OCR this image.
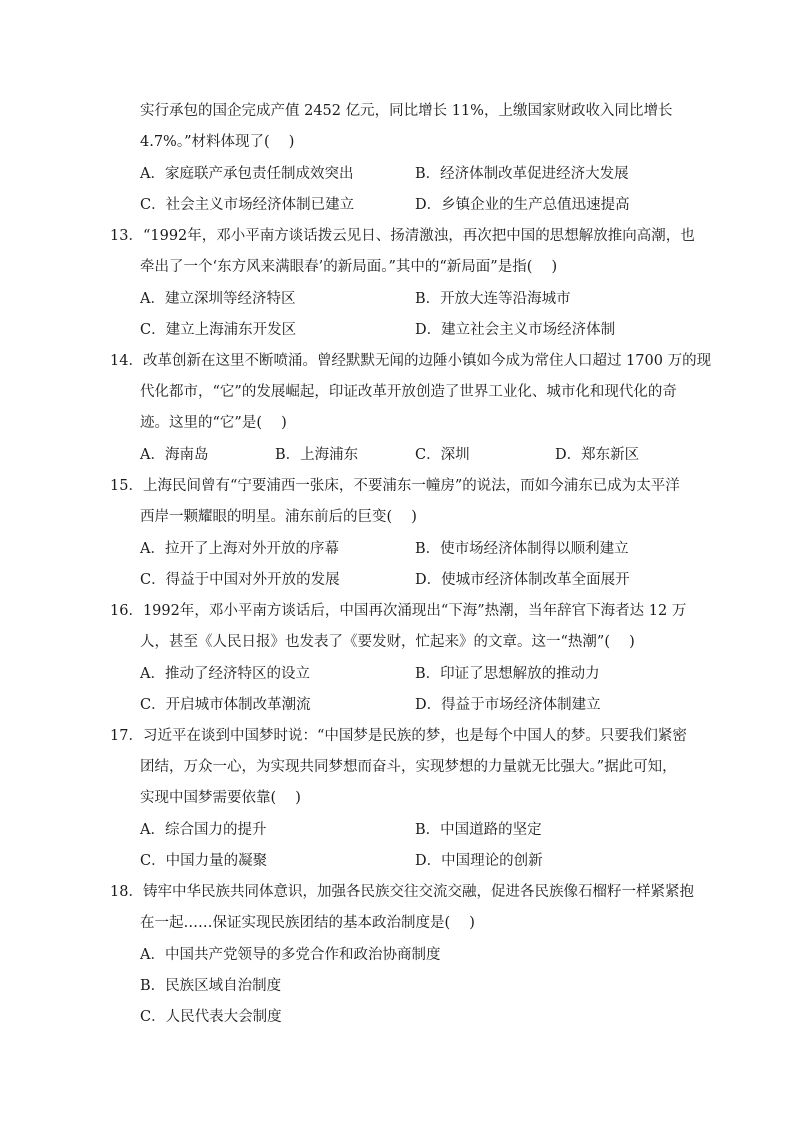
实行承包的国企完成产值 2452 亿元，同比增长 11%，上缴国家财政收入同比增长
4.7%。”材料体现了(　 )
A．家庭联产承包责任制成效突出	B．经济体制改革促进经济大发展
C．社会主义市场经济体制已建立	D．乡镇企业的生产总值迅速提高
13．“1992年，邓小平南方谈话拨云见日、扬清激浊，再次把中国的思想解放推向高潮，也
牵出了一个‘东方风来满眼春’的新局面。”其中的“新局面”是指(　 )
A．建立深圳等经济特区	B．开放大连等沿海城市
C．建立上海浦东开发区	D．建立社会主义市场经济体制
14．改革创新在这里不断喷涌。曾经默默无闻的边陲小镇如今成为常住人口超过 1700 万的现
代化都市，“它”的发展崛起，印证改革开放创造了世界工业化、城市化和现代化的奇
迹。这里的“它”是(　 )
A．海南岛	B．上海浦东	C．深圳	D．郑东新区
15．上海民间曾有“宁要浦西一张床，不要浦东一幢房”的说法，而如今浦东已成为太平洋
西岸一颗耀眼的明星。浦东前后的巨变(　 )
A．拉开了上海对外开放的序幕	B．使市场经济体制得以顺利建立
C．得益于中国对外开放的发展	D．使城市经济体制改革全面展开
16．1992年，邓小平南方谈话后，中国再次涌现出“下海”热潮，当年辞官下海者达 12 万
人，甚至《人民日报》也发表了《要发财，忙起来》的文章。这一“热潮”(　 )
A．推动了经济特区的设立	B．印证了思想解放的推动力
C．开启城市体制改革潮流	D．得益于市场经济体制建立
17．习近平在谈到中国梦时说：“中国梦是民族的梦，也是每个中国人的梦。只要我们紧密
团结，万众一心，为实现共同梦想而奋斗，实现梦想的力量就无比强大。”据此可知，
实现中国梦需要依靠(　 )
A．综合国力的提升	B．中国道路的坚定
C．中国力量的凝聚	D．中国理论的创新
18．铸牢中华民族共同体意识，加强各民族交往交流交融，促进各民族像石榴籽一样紧紧抱
在一起……保证实现民族团结的基本政治制度是(　 )
A．中国共产党领导的多党合作和政治协商制度
B．民族区域自治制度
C．人民代表大会制度
